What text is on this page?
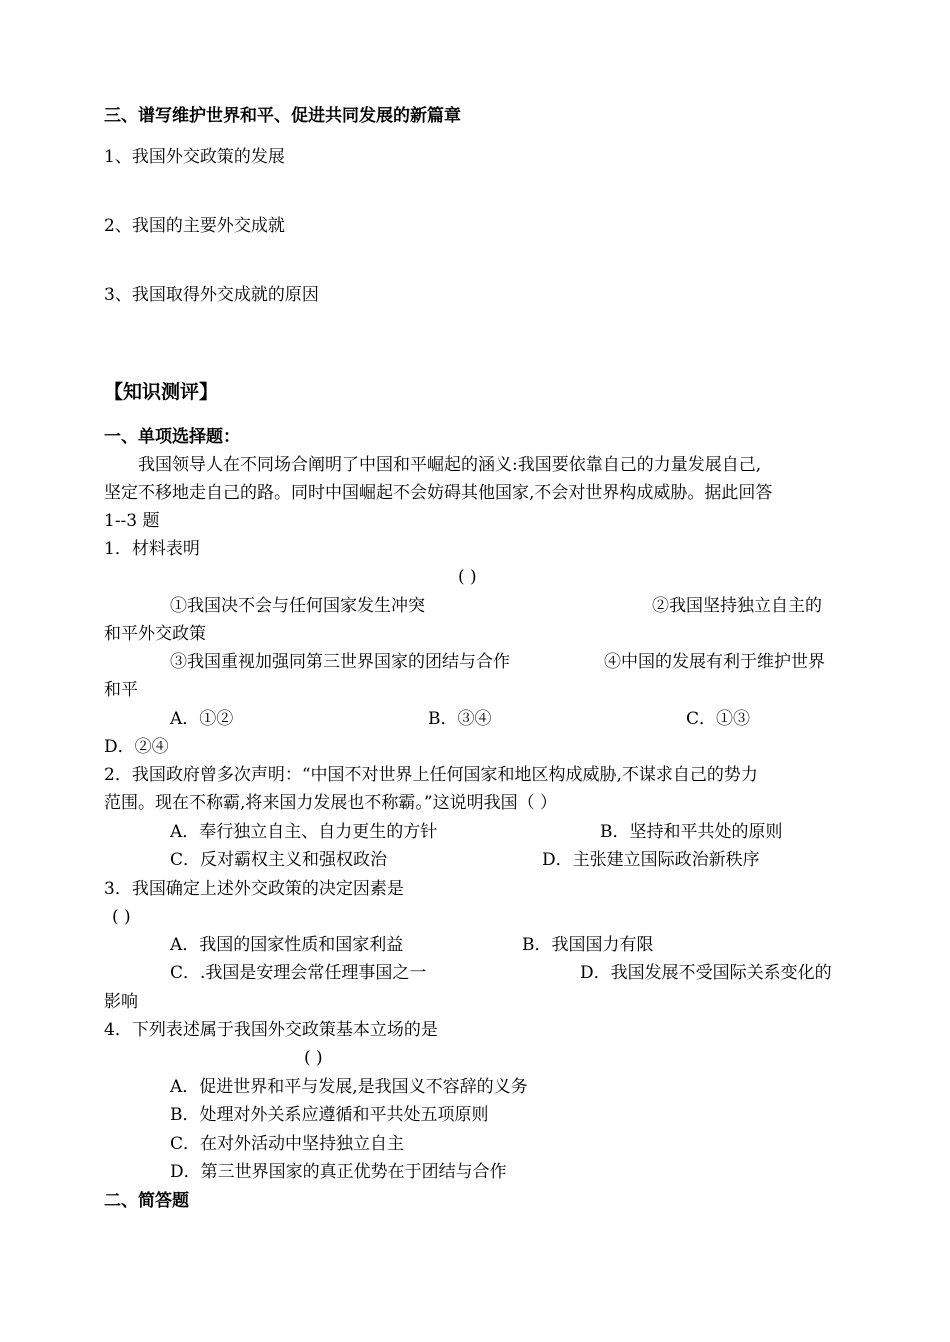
三、谱写维护世界和平、促进共同发展的新篇章
1、我国外交政策的发展
2、我国的主要外交成就
3、我国取得外交成就的原因
【知识测评】
一、单项选择题：
我国领导人在不同场合阐明了中国和平崛起的涵义:我国要依靠自己的力量发展自己,
坚定不移地走自己的路。同时中国崛起不会妨碍其他国家,不会对世界构成威胁。据此回答
1--3 题
1．材料表明
( )
①我国决不会与任何国家发生冲突	②我国坚持独立自主的
和平外交政策
③我国重视加强同第三世界国家的团结与合作	④中国的发展有利于维护世界
和平
A．①②	B．③④	C．①③
D．②④
2．我国政府曾多次声明：“中国不对世界上任何国家和地区构成威胁,不谋求自己的势力
范围。现在不称霸,将来国力发展也不称霸。”这说明我国（ ）
A．奉行独立自主、自力更生的方针	B．坚持和平共处的原则
C．反对霸权主义和强权政治	D．主张建立国际政治新秩序
3．我国确定上述外交政策的决定因素是
( )
A．我国的国家性质和国家利益	B．我国国力有限
C．.我国是安理会常任理事国之一	D．我国发展不受国际关系变化的
影响
4．下列表述属于我国外交政策基本立场的是
( )
A．促进世界和平与发展,是我国义不容辞的义务
B．处理对外关系应遵循和平共处五项原则
C．在对外活动中坚持独立自主
D．第三世界国家的真正优势在于团结与合作
二、简答题
